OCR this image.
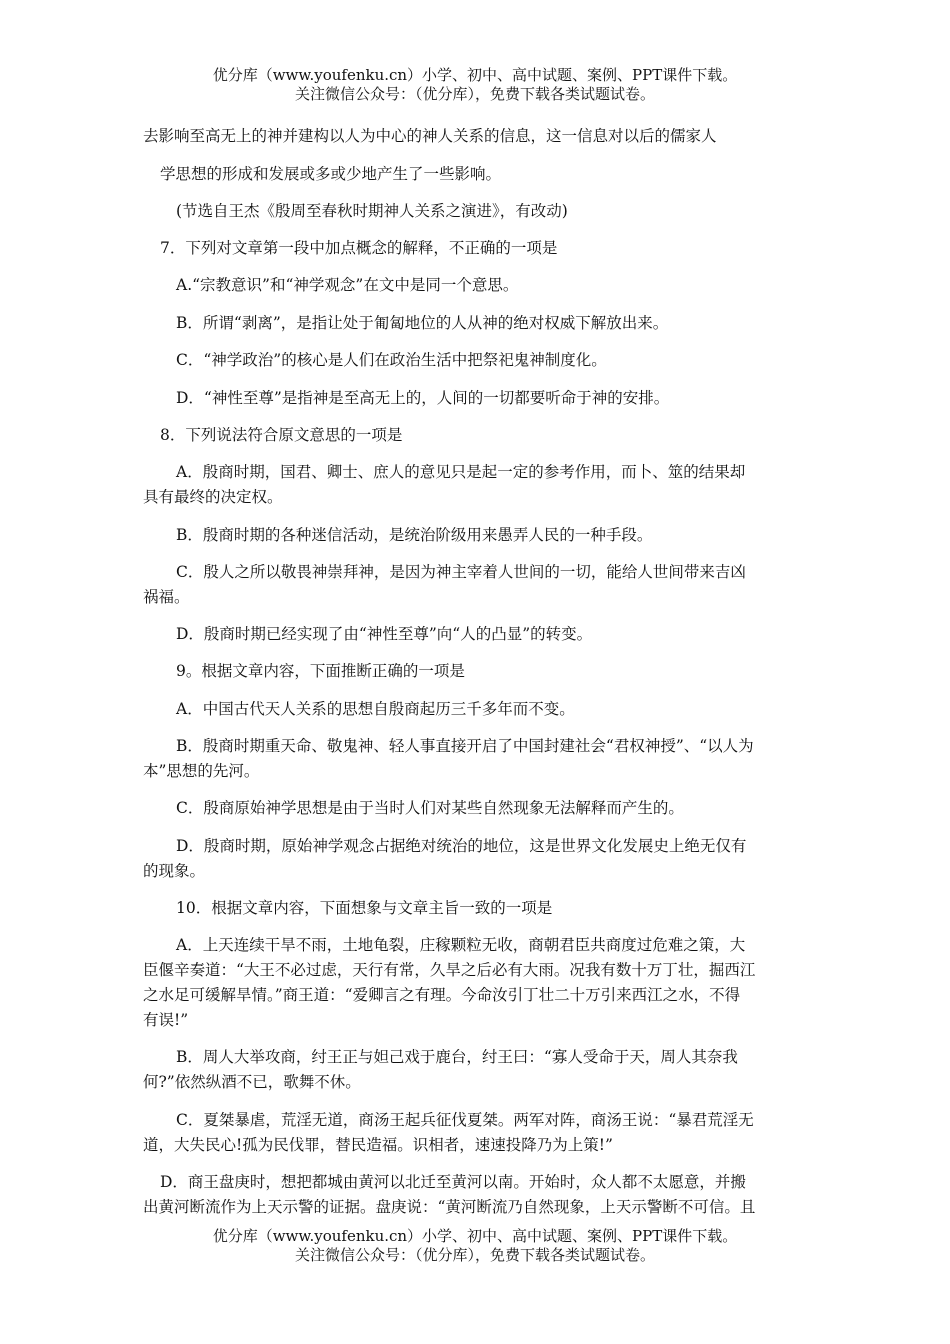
优分库（www.youfenku.cn）小学、初中、高中试题、案例、PPT课件下载。
关注微信公众号：（优分库），免费下载各类试题试卷。
去影响至高无上的神并建构以人为中心的神人关系的信息，这一信息对以后的儒家人
学思想的形成和发展或多或少地产生了一些影响。
(节选自王杰《殷周至春秋时期神人关系之演进》，有改动)
7．下列对文章第一段中加点概念的解释，不正确的一项是
A.“宗教意识”和“神学观念”在文中是同一个意思。
B．所谓“剥离”，是指让处于匍匐地位的人从神的绝对权威下解放出来。
C．“神学政治”的核心是人们在政治生活中把祭祀鬼神制度化。
D．“神性至尊”是指神是至高无上的，人间的一切都要听命于神的安排。
8．下列说法符合原文意思的一项是
A．殷商时期，国君、卿士、庶人的意见只是起一定的参考作用，而卜、筮的结果却
具有最终的决定权。
B．殷商时期的各种迷信活动，是统治阶级用来愚弄人民的一种手段。
C．殷人之所以敬畏神崇拜神，是因为神主宰着人世间的一切，能给人世间带来吉凶
祸福。
D．殷商时期已经实现了由“神性至尊”向“人的凸显”的转变。
9。根据文章内容，下面推断正确的一项是
A．中国古代天人关系的思想自殷商起历三千多年而不变。
B．殷商时期重天命、敬鬼神、轻人事直接开启了中国封建社会“君权神授”、“以人为
本”思想的先河。
C．殷商原始神学思想是由于当时人们对某些自然现象无法解释而产生的。
D．殷商时期，原始神学观念占据绝对统治的地位，这是世界文化发展史上绝无仅有
的现象。
10．根据文章内容，下面想象与文章主旨一致的一项是
A．上天连续干旱不雨，土地龟裂，庄稼颗粒无收，商朝君臣共商度过危难之策，大
臣偃辛奏道：“大王不必过虑，天行有常，久旱之后必有大雨。况我有数十万丁壮，掘西江
之水足可缓解旱情。”商王道：“爱卿言之有理。今命汝引丁壮二十万引来西江之水，不得
有误!”
B．周人大举攻商，纣王正与妲己戏于鹿台，纣王曰：“寡人受命于天，周人其奈我
何?”依然纵酒不已，歌舞不休。
C．夏桀暴虐，荒淫无道，商汤王起兵征伐夏桀。两军对阵，商汤王说：“暴君荒淫无
道，大失民心!孤为民伐罪，替民造福。识相者，速速投降乃为上策!”
D．商王盘庚时，想把都城由黄河以北迁至黄河以南。开始时，众人都不太愿意，并搬
出黄河断流作为上天示警的证据。盘庚说：“黄河断流乃自然现象，上天示警断不可信。且
优分库（www.youfenku.cn）小学、初中、高中试题、案例、PPT课件下载。
关注微信公众号：（优分库），免费下载各类试题试卷。
